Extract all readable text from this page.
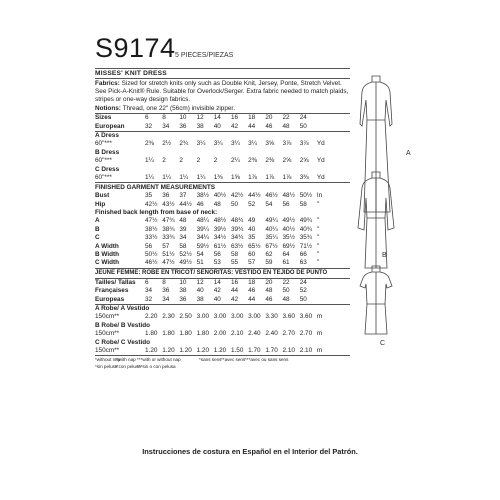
S9174 5 PIECES/PIEZAS
MISSES' KNIT DRESS
Fabrics: Sized for stretch knits only such as Double Knit, Jersey, Ponte, Stretch Velvet. See Pick-A-Knit® Rule. Suitable for Overlock/Serger. Extra fabric needed to match plaids, stripes or one-way design fabrics.
Notions: Thread, one 22" (56cm) invisible zipper.
Sizes	6	8	10	12	14	16	18	20	22	24
European	32	34	36	38	40	42	44	46	48	50
A Dress
60"***	2⅜	2½	2¾	3¼	3¼	3¼	3¼	3⅝	3⅞	3⅞	Yd
B Dress
60"***	1¼	2	2	2	2	2¼	2⅜	2⅜	2⅝	2⅝	Yd
C Dress
60"***	1¼	1¼	1¼	1¼	1⅜	1⅝	1⅞	1⅞	1⅞	3⅜	Yd
FINISHED GARMENT MEASUREMENTS
Bust	35	36	37	38½ 40½ 42½ 44½ 46½ 48½ 50½ In
Hip	42½ 43½ 44½ 46	48	50	52	54	56	58	"
Finished back length from base of neck:
A	47½ 47¾ 48	48¼ 48½ 48¾ 49	49¼ 49½ 49¾ "
B	38½ 38¾ 39	39¼ 39½ 39¾ 40	40¼ 40½ 40¾ "
C	33½ 33¾ 34	34¼ 34½ 34¾ 35	35¼ 35½ 35¾ "
A Width	56	57	58	59½ 61½ 63½ 65½ 67½ 69½ 71½ "
B Width	50½ 51½ 52½ 54	56	58	60	62	64	66	"
C Width	46½ 47½ 49½ 51	53	55	57	59	61	63	"
JEUNE FEMME: ROBE EN TRICOT/ SENORITAS: VESTIDO EN TEJIDO DE PUNTO
Tailles/ Tallas	6	8	10	12	14	16	18	20	22	24
Françaises	34	36	38	40	42	44	46	48	50	52
Europeas	32	34	36	38	40	42	44	46	48	50
A Robe/ A Vestido
150cm**	2.20 2.30 2.50 3.00 3.00 3.00 3.00 3.30 3.60 3.60 m
B Robe/ B Vestido
150cm**	1.80 1.80 1.80 1.80 2.00 2.10 2.40 2.40 2.70 2.70 m
C Robe/ C Vestido
150cm**	1.20 1.20 1.20 1.20 1.20 1.50 1.70 1.70 2.10 2.10 m
*without nap
**with nap ***with or without nap	*sans sens **avec sens ***avec ou sans sens
*sin pelusa
**con pelusa
***sin o con pelusa
Instrucciones de costura en Español en el Interior del Patrón.
A
B
C
